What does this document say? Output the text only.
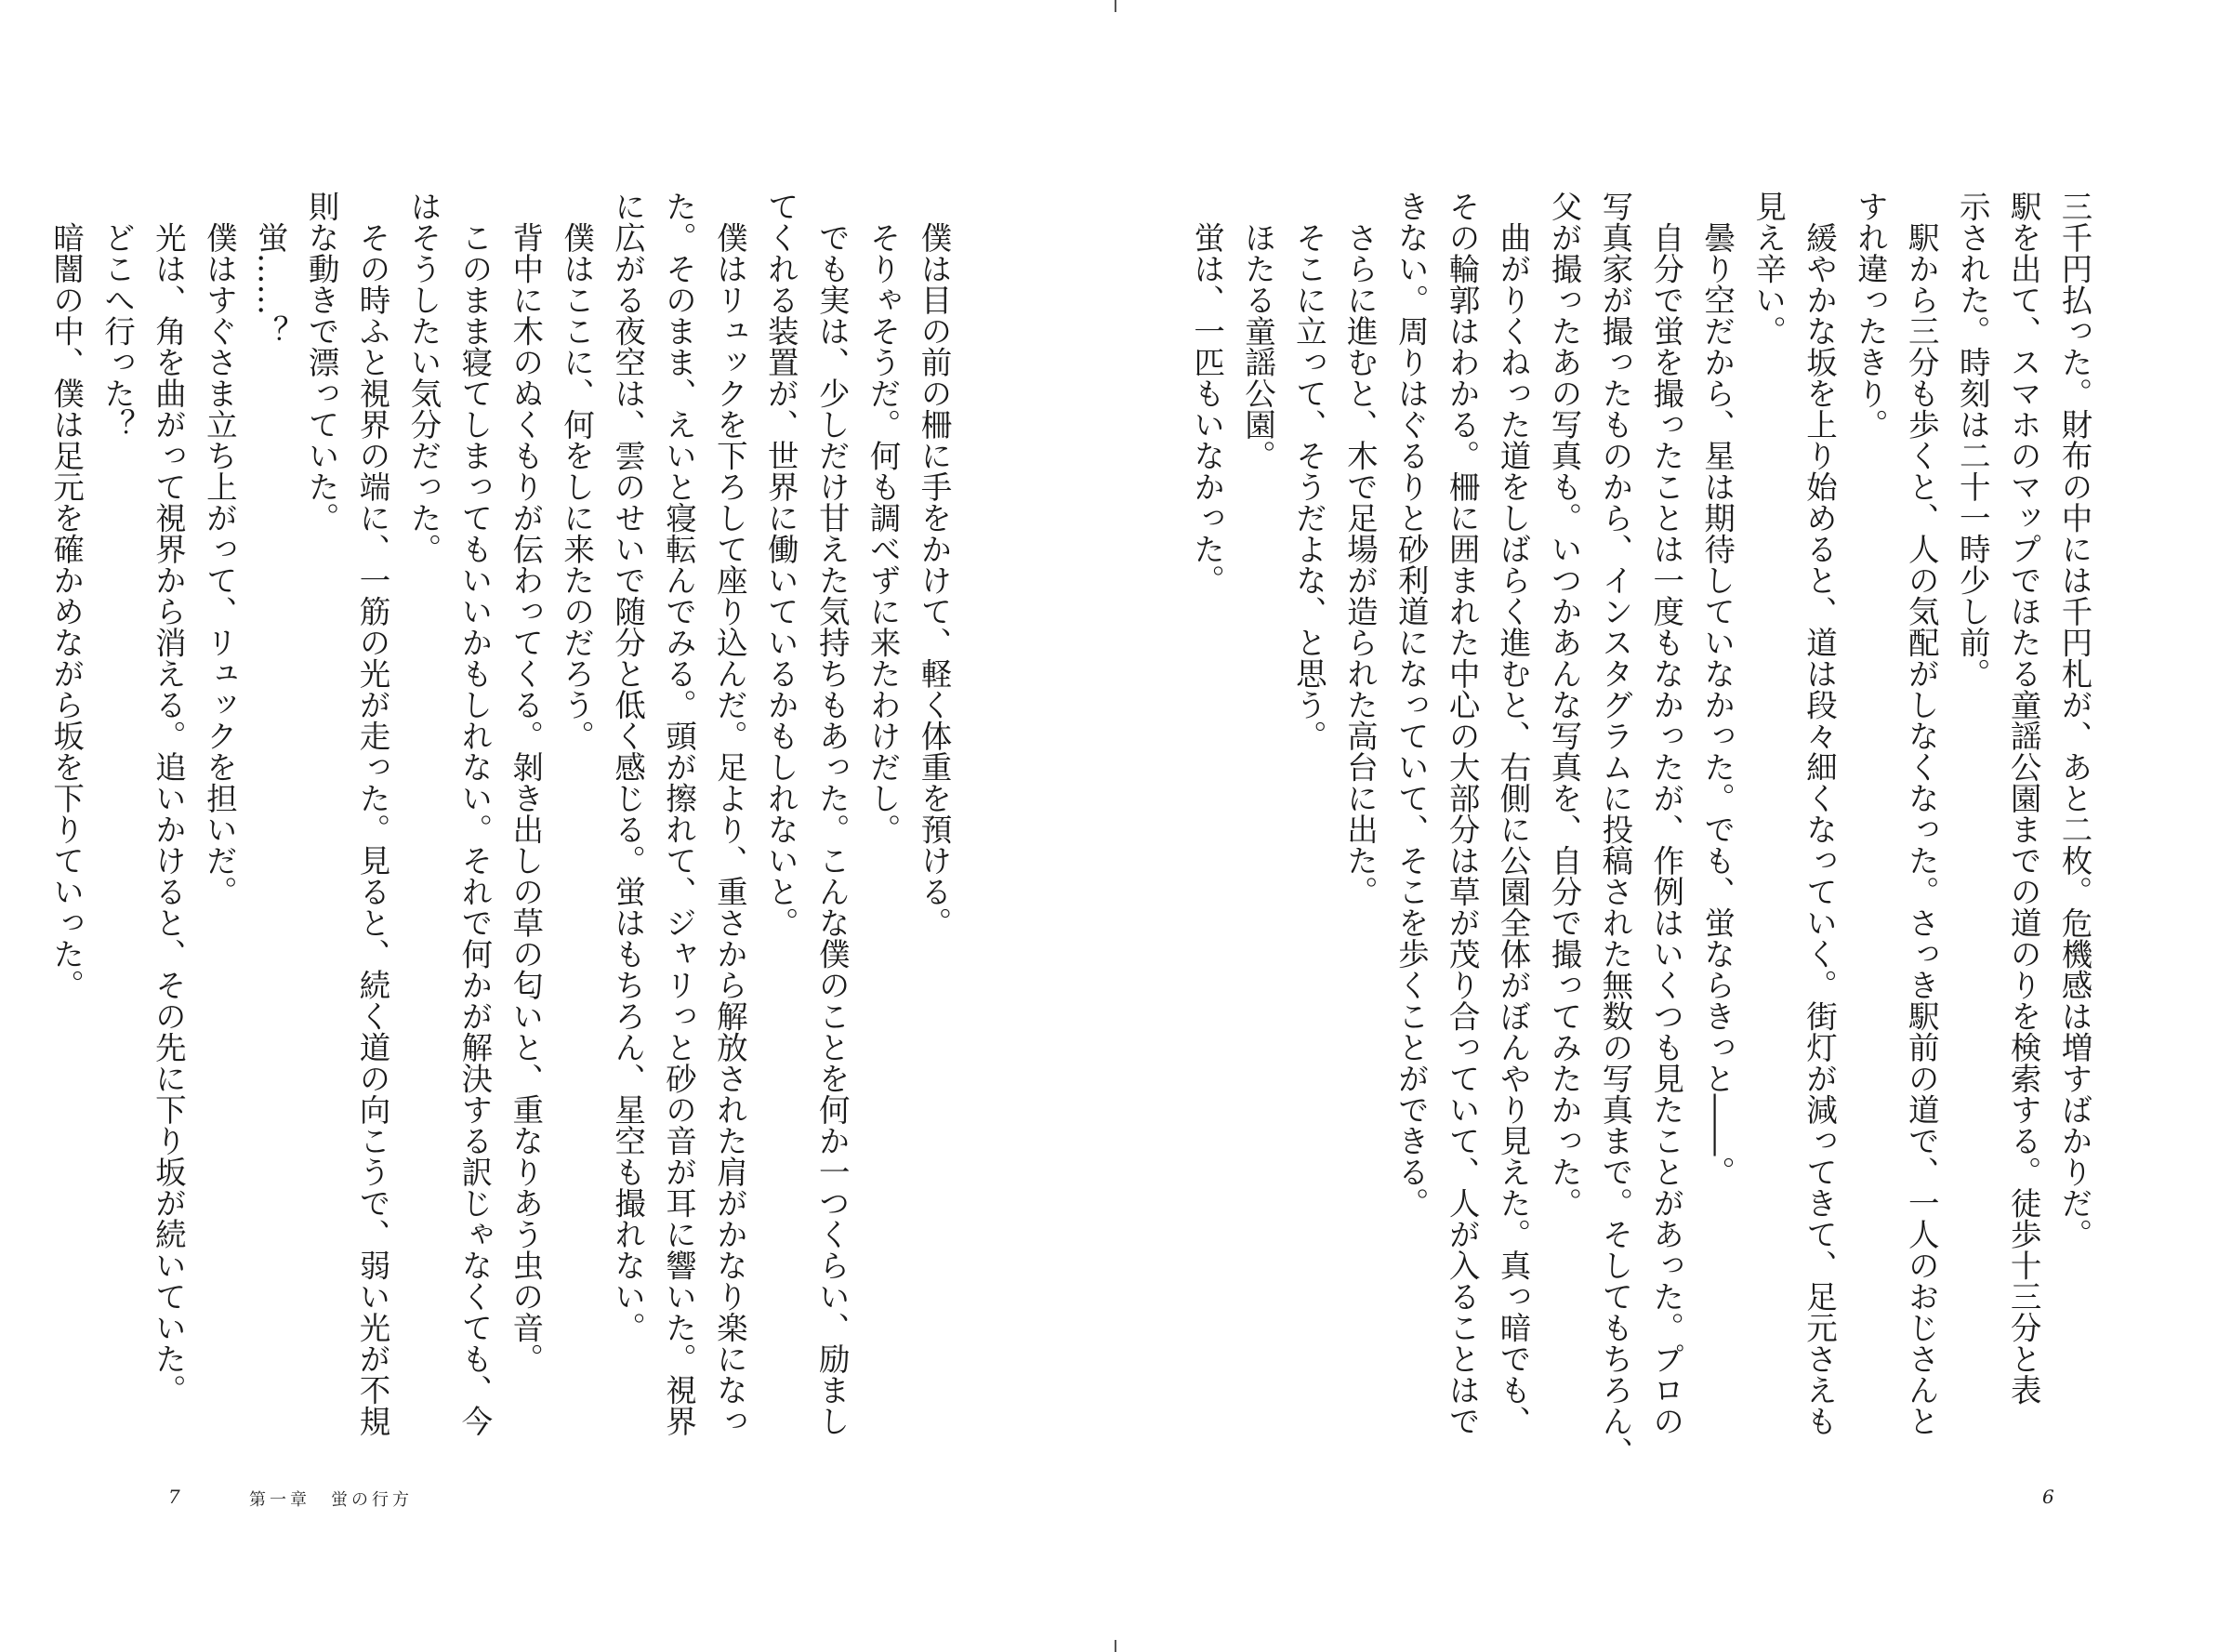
三千円払った。財布の中には千円札が、あと二枚。危機感は増すばかりだ。
駅を出て、スマホのマップでほたる童謡公園までの道のりを検索する。徒歩十三分と表
示された。時刻は二十一時少し前。
　駅から三分も歩くと、人の気配がしなくなった。さっき駅前の道で、一人のおじさんと
すれ違ったきり。
　緩やかな坂を上り始めると、道は段々細くなっていく。街灯が減ってきて、足元さえも
見え辛い。
　曇り空だから、星は期待していなかった。でも、蛍ならきっと――。
　自分で蛍を撮ったことは一度もなかったが、作例はいくつも見たことがあった。プロの
写真家が撮ったものから、インスタグラムに投稿された無数の写真まで。そしてもちろん、
父が撮ったあの写真も。いつかあんな写真を、自分で撮ってみたかった。
　曲がりくねった道をしばらく進むと、右側に公園全体がぼんやり見えた。真っ暗でも、
その輪郭はわかる。柵に囲まれた中心の大部分は草が茂り合っていて、人が入ることはで
きない。周りはぐるりと砂利道になっていて、そこを歩くことができる。
　さらに進むと、木で足場が造られた高台に出た。
　そこに立って、そうだよな、と思う。
　ほたる童謡公園。
　蛍は、一匹もいなかった。
　僕は目の前の柵に手をかけて、軽く体重を預ける。
　そりゃそうだ。何も調べずに来たわけだし。
　でも実は、少しだけ甘えた気持ちもあった。こんな僕のことを何か一つくらい、励まし
てくれる装置が、世界に働いているかもしれないと。
　僕はリュックを下ろして座り込んだ。足より、重さから解放された肩がかなり楽になっ
た。そのまま、えいと寝転んでみる。頭が擦れて、ジャリっと砂の音が耳に響いた。視界
に広がる夜空は、雲のせいで随分と低く感じる。蛍はもちろん、星空も撮れない。
　僕はここに、何をしに来たのだろう。
　背中に木のぬくもりが伝わってくる。剝き出しの草の匂いと、重なりあう虫の音。
　このまま寝てしまってもいいかもしれない。それで何かが解決する訳じゃなくても、今
はそうしたい気分だった。
　その時ふと視界の端に、一筋の光が走った。見ると、続く道の向こうで、弱い光が不規
則な動きで漂っていた。
　蛍……？
　僕はすぐさま立ち上がって、リュックを担いだ。
　光は、角を曲がって視界から消える。追いかけると、その先に下り坂が続いていた。
　どこへ行った？
　暗闇の中、僕は足元を確かめながら坂を下りていった。
7	第一章　蛍の行方	6
